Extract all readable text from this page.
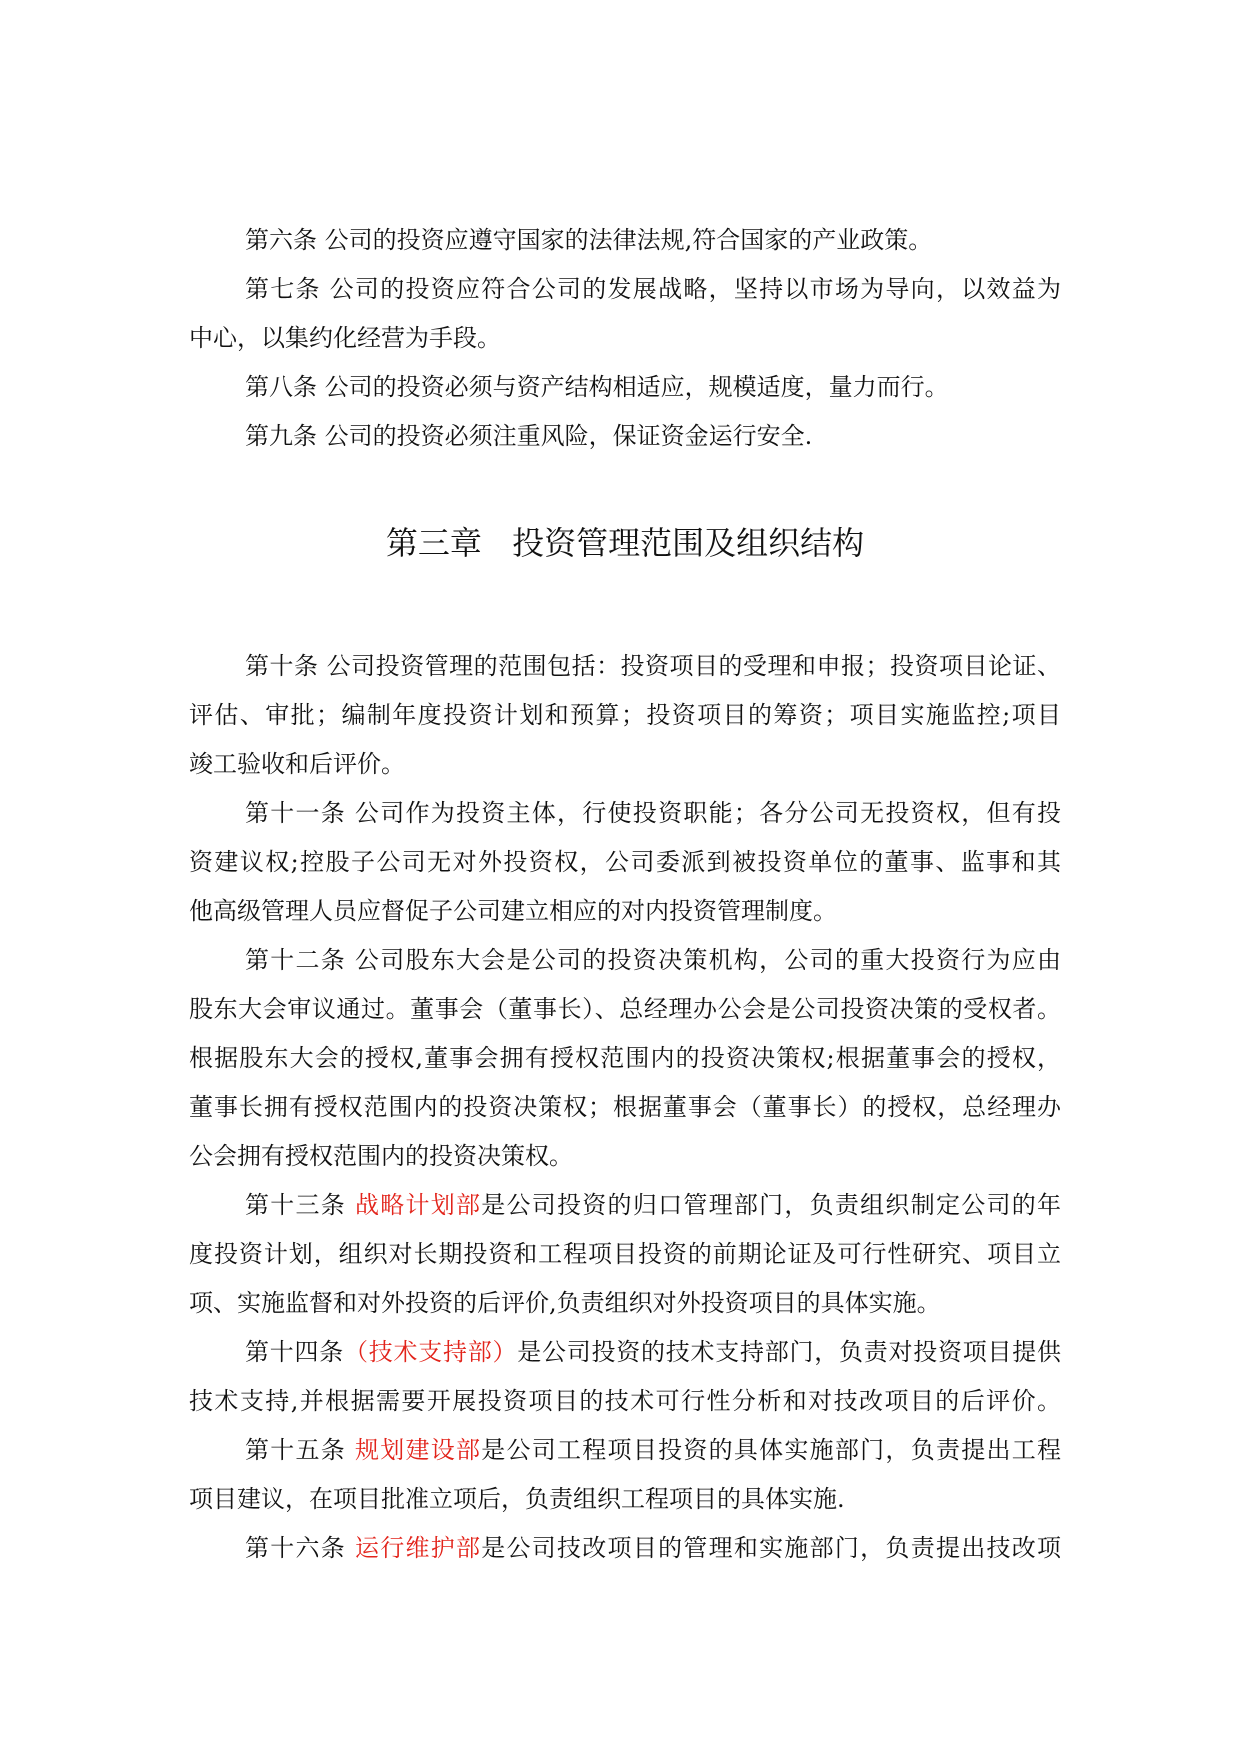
第六条 公司的投资应遵守国家的法律法规,符合国家的产业政策。
第七条 公司的投资应符合公司的发展战略，坚持以市场为导向，以效益为
中心，以集约化经营为手段。
第八条 公司的投资必须与资产结构相适应，规模适度，量力而行。
第九条 公司的投资必须注重风险，保证资金运行安全.
第三章 投资管理范围及组织结构
第十条 公司投资管理的范围包括：投资项目的受理和申报；投资项目论证、
评估、审批；编制年度投资计划和预算；投资项目的筹资；项目实施监控;项目
竣工验收和后评价。
第十一条 公司作为投资主体，行使投资职能；各分公司无投资权，但有投
资建议权;控股子公司无对外投资权，公司委派到被投资单位的董事、监事和其
他高级管理人员应督促子公司建立相应的对内投资管理制度。
第十二条 公司股东大会是公司的投资决策机构，公司的重大投资行为应由
股东大会审议通过。董事会（董事长）、总经理办公会是公司投资决策的受权者。
根据股东大会的授权,董事会拥有授权范围内的投资决策权;根据董事会的授权，
董事长拥有授权范围内的投资决策权；根据董事会（董事长）的授权，总经理办
公会拥有授权范围内的投资决策权。
第十三条 战略计划部是公司投资的归口管理部门，负责组织制定公司的年
度投资计划，组织对长期投资和工程项目投资的前期论证及可行性研究、项目立
项、实施监督和对外投资的后评价,负责组织对外投资项目的具体实施。
第十四条（技术支持部）是公司投资的技术支持部门，负责对投资项目提供
技术支持,并根据需要开展投资项目的技术可行性分析和对技改项目的后评价。
第十五条 规划建设部是公司工程项目投资的具体实施部门，负责提出工程
项目建议，在项目批准立项后，负责组织工程项目的具体实施.
第十六条 运行维护部是公司技改项目的管理和实施部门，负责提出技改项
